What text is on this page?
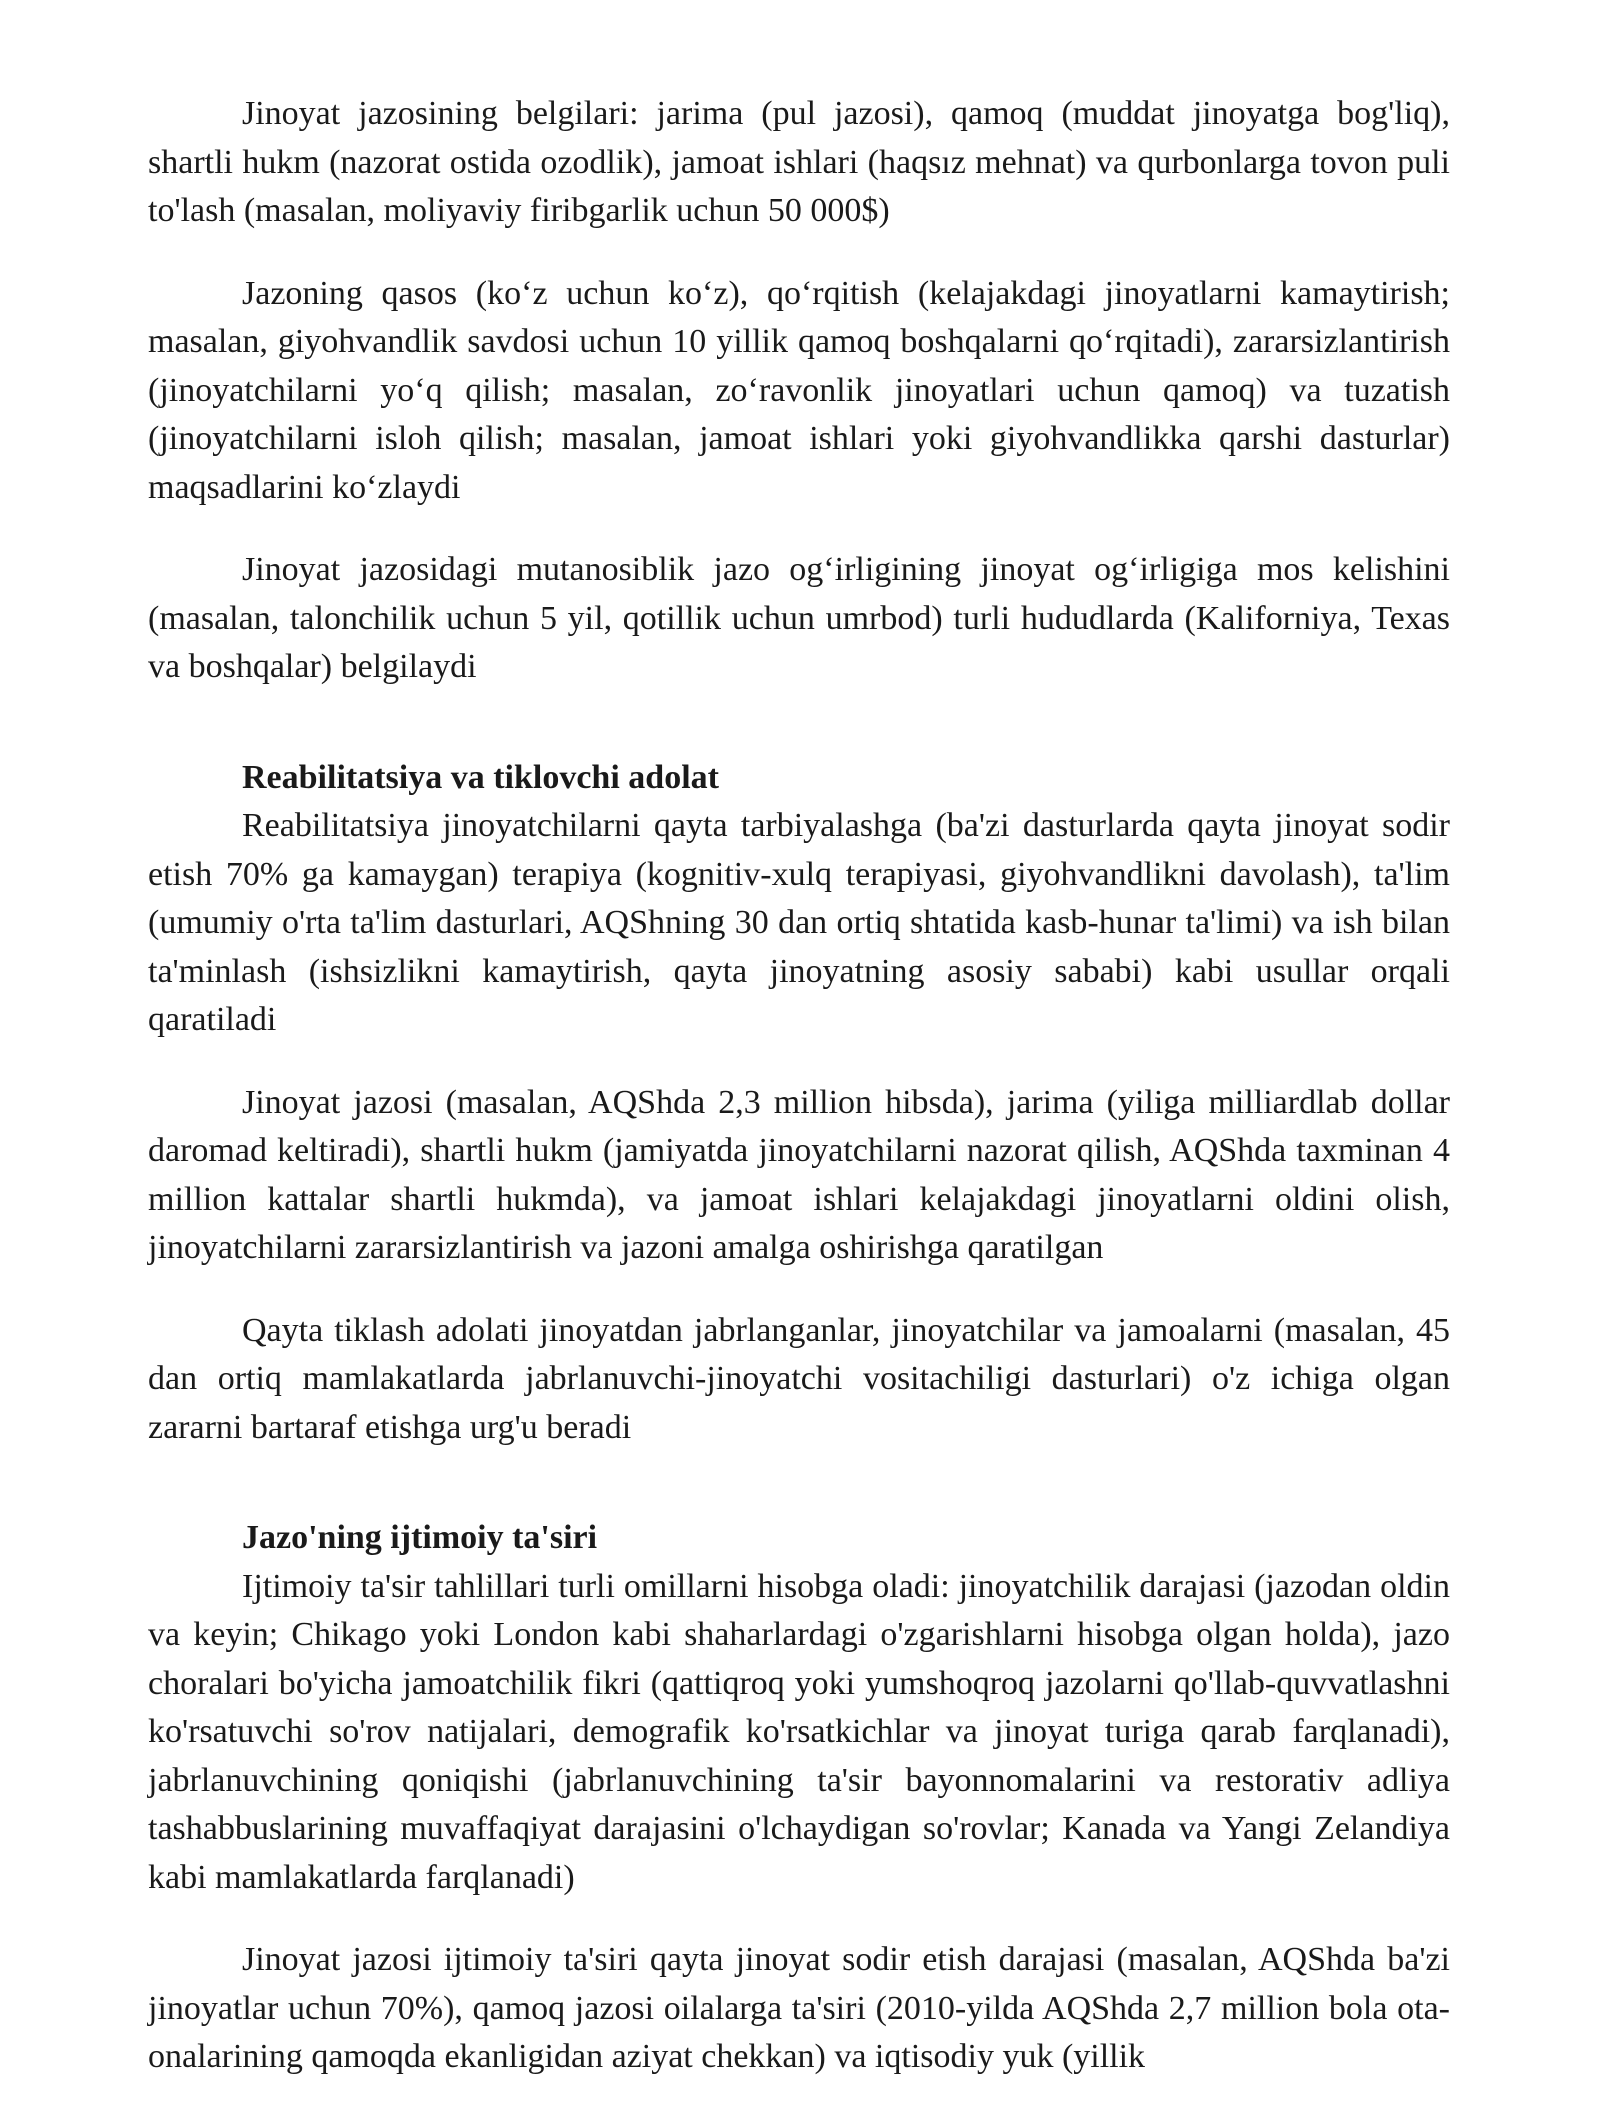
Jinoyat jazosining belgilari: jarima (pul jazosi), qamoq (muddat jinoyatga bog'liq), shartli hukm (nazorat ostida ozodlik), jamoat ishlari (haqsız mehnat) va qurbonlarga tovon puli to'lash (masalan, moliyaviy firibgarlik uchun 50 000$)

Jazoning qasos (ko‘z uchun ko‘z), qo‘rqitish (kelajakdagi jinoyatlarni kamaytirish; masalan, giyohvandlik savdosi uchun 10 yillik qamoq boshqalarni qo‘rqitadi), zararsizlantirish (jinoyatchilarni yo‘q qilish; masalan, zo‘ravonlik jinoyatlari uchun qamoq) va tuzatish (jinoyatchilarni isloh qilish; masalan, jamoat ishlari yoki giyohvandlikka qarshi dasturlar) maqsadlarini ko‘zlaydi

Jinoyat jazosidagi mutanosiblik jazo og‘irligining jinoyat og‘irligiga mos kelishini (masalan, talonchilik uchun 5 yil, qotillik uchun umrbod) turli hududlarda (Kaliforniya, Texas va boshqalar) belgilaydi

Reabilitatsiya va tiklovchi adolat

Reabilitatsiya jinoyatchilarni qayta tarbiyalashga (ba'zi dasturlarda qayta jinoyat sodir etish 70% ga kamaygan) terapiya (kognitiv-xulq terapiyasi, giyohvandlikni davolash), ta'lim (umumiy o'rta ta'lim dasturlari, AQShning 30 dan ortiq shtatida kasb-hunar ta'limi) va ish bilan ta'minlash (ishsizlikni kamaytirish, qayta jinoyatning asosiy sababi) kabi usullar orqali qaratiladi

Jinoyat jazosi (masalan, AQShda 2,3 million hibsda), jarima (yiliga milliardlab dollar daromad keltiradi), shartli hukm (jamiyatda jinoyatchilarni nazorat qilish, AQShda taxminan 4 million kattalar shartli hukmda), va jamoat ishlari kelajakdagi jinoyatlarni oldini olish, jinoyatchilarni zararsizlantirish va jazoni amalga oshirishga qaratilgan

Qayta tiklash adolati jinoyatdan jabrlanganlar, jinoyatchilar va jamoalarni (masalan, 45 dan ortiq mamlakatlarda jabrlanuvchi-jinoyatchi vositachiligi dasturlari) o'z ichiga olgan zararni bartaraf etishga urg'u beradi

Jazo'ning ijtimoiy ta'siri

Ijtimoiy ta'sir tahlillari turli omillarni hisobga oladi: jinoyatchilik darajasi (jazodan oldin va keyin; Chikago yoki London kabi shaharlardagi o'zgarishlarni hisobga olgan holda), jazo choralari bo'yicha jamoatchilik fikri (qattiqroq yoki yumshoqroq jazolarni qo'llab-quvvatlashni ko'rsatuvchi so'rov natijalari, demografik ko'rsatkichlar va jinoyat turiga qarab farqlanadi), jabrlanuvchining qoniqishi (jabrlanuvchining ta'sir bayonnomalarini va restorativ adliya tashabbuslarining muvaffaqiyat darajasini o'lchaydigan so'rovlar; Kanada va Yangi Zelandiya kabi mamlakatlarda farqlanadi)

Jinoyat jazosi ijtimoiy ta'siri qayta jinoyat sodir etish darajasi (masalan, AQShda ba'zi jinoyatlar uchun 70%), qamoq jazosi oilalarga ta'siri (2010-yilda AQShda 2,7 million bola ota-onalarining qamoqda ekanligidan aziyat chekkan) va iqtisodiy yuk (yillik
